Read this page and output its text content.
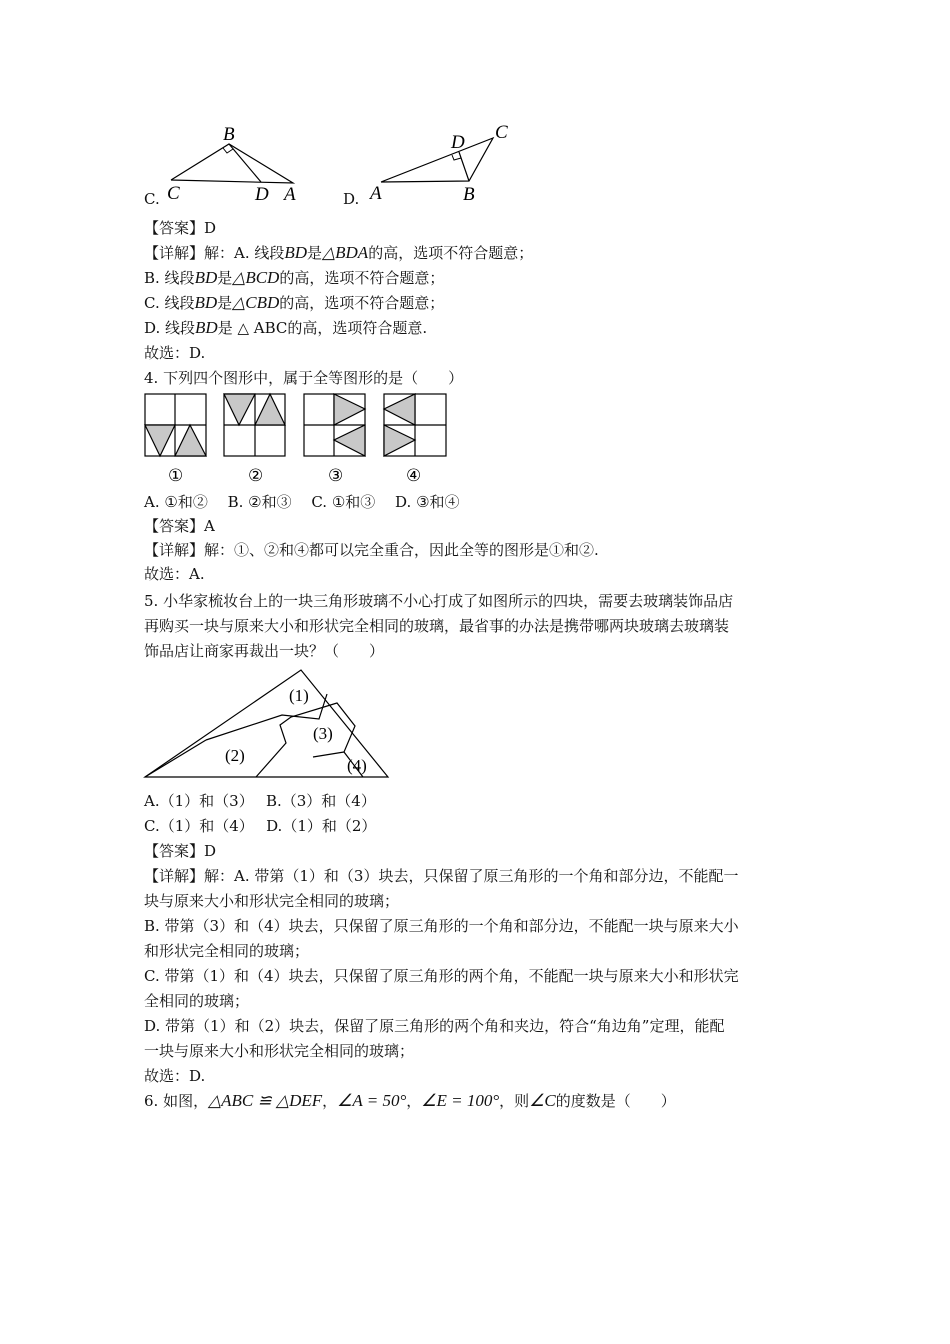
C.
B
C	D A	D.
D C
A	B
【答案】D
【详解】解：A. 线段BD是△BDA的高，选项不符合题意；
B. 线段BD是△BCD的高，选项不符合题意；
C. 线段BD是△CBD的高，选项不符合题意；
D. 线段BD是 △ ABC的高，选项符合题意.
故选：D.
4. 下列四个图形中，属于全等图形的是（　　）
①	②	③	④
A. ①和②　 B. ②和③　 C. ①和③　 D. ③和④
【答案】A
【详解】解：①、②和④都可以完全重合，因此全等的图形是①和②.
故选：A.
5. 小华家梳妆台上的一块三角形玻璃不小心打成了如图所示的四块，需要去玻璃装饰品店
再购买一块与原来大小和形状完全相同的玻璃，最省事的办法是携带哪两块玻璃去玻璃装
饰品店让商家再裁出一块？（　　）
(1)
(2)
(3)
(4)
A.（1）和（3）　 B.（3）和（4）
C.（1）和（4）　 D.（1）和（2）
【答案】D
【详解】解：A. 带第（1）和（3）块去，只保留了原三角形的一个角和部分边，不能配一
块与原来大小和形状完全相同的玻璃；
B. 带第（3）和（4）块去，只保留了原三角形的一个角和部分边，不能配一块与原来大小
和形状完全相同的玻璃；
C. 带第（1）和（4）块去，只保留了原三角形的两个角，不能配一块与原来大小和形状完
全相同的玻璃；
D. 带第（1）和（2）块去，保留了原三角形的两个角和夹边，符合“角边角”定理，能配
一块与原来大小和形状完全相同的玻璃；
故选：D.
6. 如图，△ABC ≌ △DEF，∠A = 50°，∠E = 100°，则∠C的度数是（　　）
